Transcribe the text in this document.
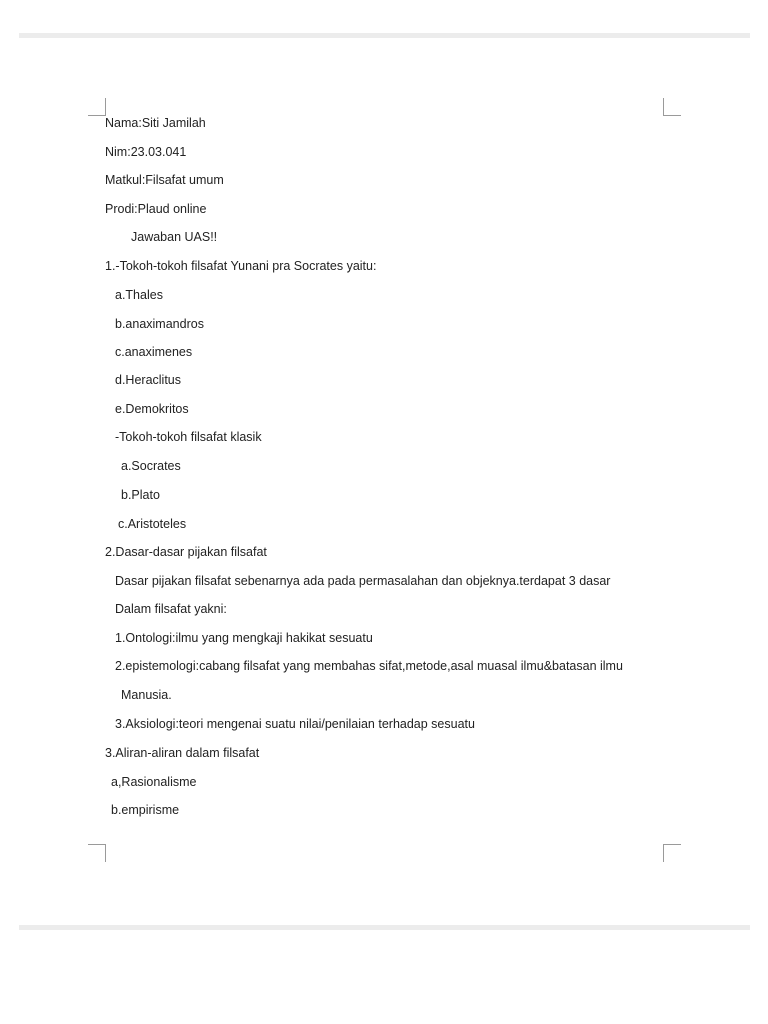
Nama:Siti Jamilah
Nim:23.03.041
Matkul:Filsafat umum
Prodi:Plaud online
Jawaban UAS!!
1.-Tokoh-tokoh filsafat Yunani pra Socrates yaitu:
a.Thales
b.anaximandros
c.anaximenes
d.Heraclitus
e.Demokritos
-Tokoh-tokoh filsafat klasik
a.Socrates
b.Plato
c.Aristoteles
2.Dasar-dasar pijakan filsafat
Dasar pijakan filsafat sebenarnya ada pada permasalahan dan objeknya.terdapat 3 dasar
Dalam filsafat yakni:
1.Ontologi:ilmu yang mengkaji hakikat sesuatu
2.epistemologi:cabang filsafat yang membahas sifat,metode,asal muasal ilmu&batasan ilmu
Manusia.
3.Aksiologi:teori mengenai suatu nilai/penilaian terhadap sesuatu
3.Aliran-aliran dalam filsafat
a,Rasionalisme
b.empirisme
